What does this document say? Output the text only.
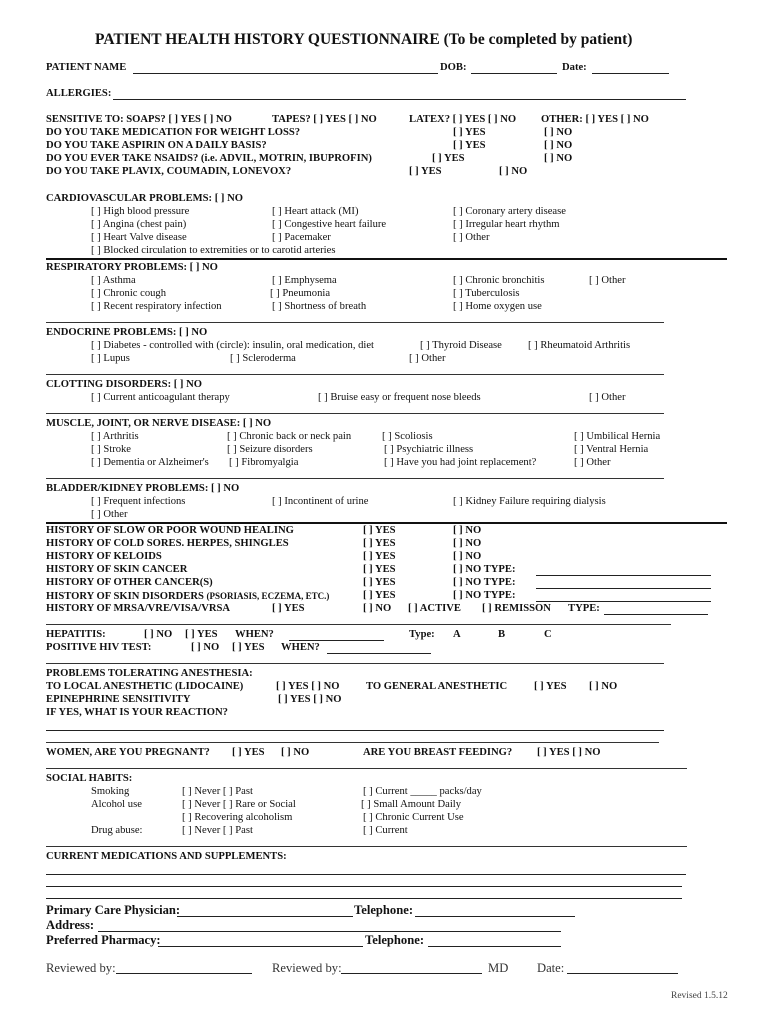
PATIENT HEALTH HISTORY QUESTIONNAIRE (To be completed by patient)
PATIENT NAME	DOB:	Date:
ALLERGIES:
SENSITIVE TO: SOAPS? [ ] YES [ ] NO	TAPES? [ ] YES [ ] NO	LATEX? [ ] YES [ ] NO OTHER: [ ] YES [ ] NO
DO YOU TAKE MEDICATION FOR WEIGHT LOSS?	[ ] YES	[ ] NO
DO YOU TAKE ASPIRIN ON A DAILY BASIS?	[ ] YES	[ ] NO
DO YOU EVER TAKE NSAIDS? (i.e. ADVIL, MOTRIN, IBUPROFIN)	[ ] YES	[ ] NO
DO YOU TAKE PLAVIX, COUMADIN, LONEVOX?	[ ] YES	[ ] NO
CARDIOVASCULAR PROBLEMS: [ ] NO
[ ] High blood pressure	[ ] Heart attack (MI)	[ ] Coronary artery disease
[ ] Angina (chest pain)	[ ] Congestive heart failure	[ ] Irregular heart rhythm
[ ] Heart Valve disease	[ ] Pacemaker	[ ] Other
[ ] Blocked circulation to extremities or to carotid arteries
RESPIRATORY PROBLEMS: [ ] NO
[ ] Asthma	[ ] Emphysema	[ ] Chronic bronchitis	[ ] Other
[ ] Chronic cough	[ ] Pneumonia	[ ] Tuberculosis
[ ] Recent respiratory infection	[ ] Shortness of breath	[ ] Home oxygen use
ENDOCRINE PROBLEMS: [ ] NO
[ ] Diabetes - controlled with (circle): insulin, oral medication, diet	[ ] Thyroid Disease [ ] Rheumatoid Arthritis
[ ] Lupus	[ ] Scleroderma	[ ] Other
CLOTTING DISORDERS: [ ] NO
[ ] Current anticoagulant therapy	[ ] Bruise easy or frequent nose bleeds	[ ] Other
MUSCLE, JOINT, OR NERVE DISEASE: [ ] NO
[ ] Arthritis	[ ] Chronic back or neck pain	[ ] Scoliosis	[ ] Umbilical Hernia
[ ] Stroke	[ ] Seizure disorders	[ ] Psychiatric illness	[ ] Ventral Hernia
[ ] Dementia or Alzheimer's [ ] Fibromyalgia	[ ] Have you had joint replacement?	[ ] Other
BLADDER/KIDNEY PROBLEMS: [ ] NO
[ ] Frequent infections	[ ] Incontinent of urine	[ ] Kidney Failure requiring dialysis
[ ] Other
HISTORY OF SLOW OR POOR WOUND HEALING	[ ] YES	[ ] NO
HISTORY OF COLD SORES. HERPES, SHINGLES	[ ] YES	[ ] NO
HISTORY OF KELOIDS	[ ] YES	[ ] NO
HISTORY OF SKIN CANCER	[ ] YES	[ ] NO TYPE:
HISTORY OF OTHER CANCER(S)	[ ] YES	[ ] NO TYPE:
HISTORY OF SKIN DISORDERS (PSORIASIS, ECZEMA, ETC.)	[ ] YES	[ ] NO TYPE:
HISTORY OF MRSA/VRE/VISA/VRSA	[ ] YES	[ ] NO [ ] ACTIVE [ ] REMISSON TYPE:
HEPATITIS:	[ ] NO [ ] YES WHEN?	Type: A	B	C
POSITIVE HIV TEST:	[ ] NO [ ] YES WHEN?
PROBLEMS TOLERATING ANESTHESIA:
TO LOCAL ANESTHETIC (LIDOCAINE)	[ ] YES [ ] NO	TO GENERAL ANESTHETIC	[ ] YES [ ] NO
EPINEPHRINE SENSITIVITY	[ ] YES [ ] NO
IF YES, WHAT IS YOUR REACTION?
WOMEN, ARE YOU PREGNANT? [ ] YES [ ] NO	ARE YOU BREAST FEEDING? [ ] YES [ ] NO
SOCIAL HABITS:
Smoking	[ ] Never [ ] Past	[ ] Current _____ packs/day
Alcohol use	[ ] Never [ ] Rare or Social	[ ] Small Amount Daily
[ ] Recovering alcoholism	[ ] Chronic Current Use
Drug abuse:	[ ] Never [ ] Past	[ ] Current
CURRENT MEDICATIONS AND SUPPLEMENTS:
Primary Care Physician:	Telephone:
Address:
Preferred Pharmacy:	Telephone:
Reviewed by:	Reviewed by:	MD Date:
Revised 1.5.12
